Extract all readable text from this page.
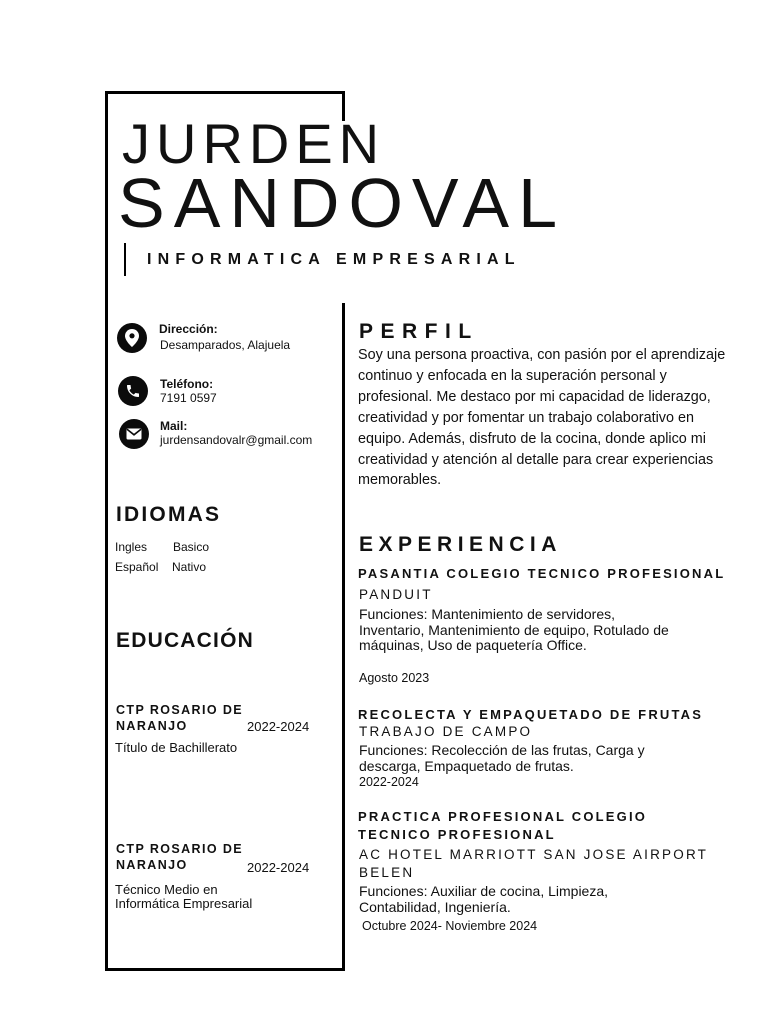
JURDEN
SANDOVAL
INFORMATICA EMPRESARIAL
Dirección:
Desamparados, Alajuela
Teléfono:
7191 0597
Mail:
jurdensandovalr@gmail.com
IDIOMAS
Ingles Basico
Español Nativo
EDUCACIÓN
CTP ROSARIO DE NARANJO	2022-2024
Título de Bachillerato
CTP ROSARIO DE NARANJO	2022-2024
Técnico Medio en Informática Empresarial
PERFIL
Soy una persona proactiva, con pasión por el aprendizaje continuo y enfocada en la superación personal y profesional. Me destaco por mi capacidad de liderazgo, creatividad y por fomentar un trabajo colaborativo en equipo. Además, disfruto de la cocina, donde aplico mi creatividad y atención al detalle para crear experiencias memorables.
EXPERIENCIA
PASANTIA COLEGIO TECNICO PROFESIONAL
PANDUIT
Funciones: Mantenimiento de servidores, Inventario, Mantenimiento de equipo, Rotulado de máquinas, Uso de paquetería Office.
Agosto 2023
RECOLECTA Y EMPAQUETADO DE FRUTAS
TRABAJO DE CAMPO
Funciones: Recolección de las frutas, Carga y descarga, Empaquetado de frutas.
2022-2024
PRACTICA PROFESIONAL COLEGIO TECNICO PROFESIONAL
AC HOTEL MARRIOTT SAN JOSE AIRPORT BELEN
Funciones: Auxiliar de cocina, Limpieza, Contabilidad, Ingeniería.
Octubre 2024- Noviembre 2024
